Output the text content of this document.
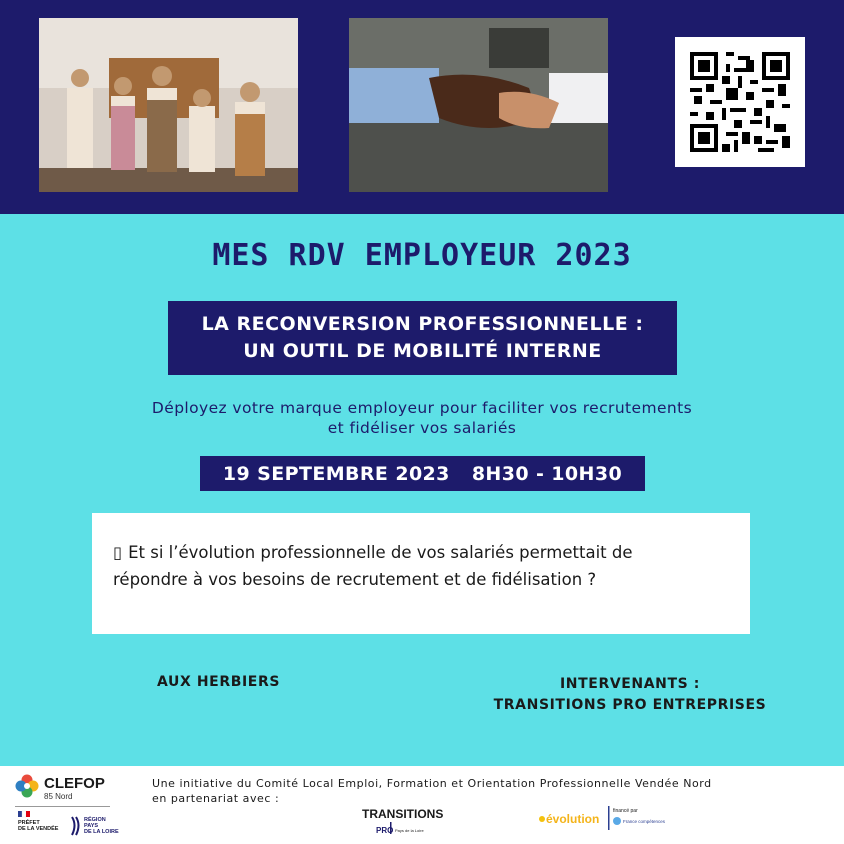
MES RDV EMPLOYEUR 2023
LA RECONVERSION PROFESSIONNELLE :
UN OUTIL DE MOBILITÉ INTERNE
Déployez votre marque employeur pour faciliter vos recrutements
et fidéliser vos salariés
19 SEPTEMBRE 2023 8H30 - 10H30
▯ Et si l’évolution professionnelle de vos salariés permettait de
répondre à vos besoins de recrutement et de fidélisation ?
AUX HERBIERS	INTERVENANTS :
TRANSITIONS PRO ENTREPRISES
CLEFOP
85 Nord
PRÉFET
DE LA VENDÉE
RÉGION
PAYS
DE LA LOIRE
Une initiative du Comité Local Emploi, Formation et Orientation Professionnelle Vendée Nord
en partenariat avec :
TRANSITIONS
PRO Pays de la Loire
évolution
financé par
France compétences
